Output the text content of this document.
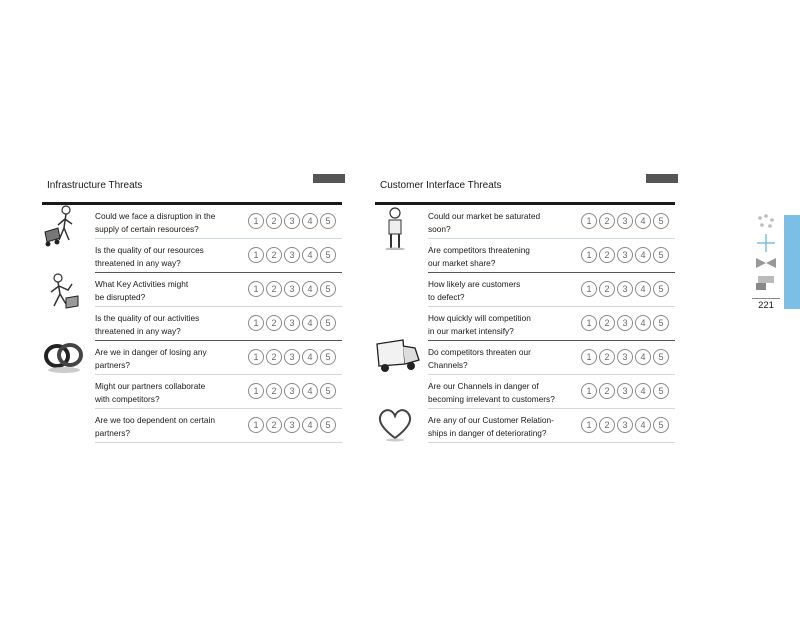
Infrastructure Threats
Could we face a disruption in the
supply of certain resources?
1	2	3	4	5
Is the quality of our resources
threatened in any way?
1	2	3	4	5
What Key Activities might
be disrupted?
1	2	3	4	5
Is the quality of our activities
threatened in any way?
1	2	3	4	5
Are we in danger of losing any
partners?
1	2	3	4	5
Might our partners collaborate
with competitors?
1	2	3	4	5
Are we too dependent on certain
partners?
1	2	3	4	5
Customer Interface Threats
Could our market be saturated
soon?
1	2	3	4	5
Are competitors threatening
our market share?
1	2	3	4	5
How likely are customers
to defect?
1	2	3	4	5
How quickly will competition
in our market intensify?
1	2	3	4	5
Do competitors threaten our
Channels?
1	2	3	4	5
Are our Channels in danger of
becoming irrelevant to customers?
1	2	3	4	5
Are any of our Customer Relation-
ships in danger of deteriorating?
1	2	3	4	5
221
